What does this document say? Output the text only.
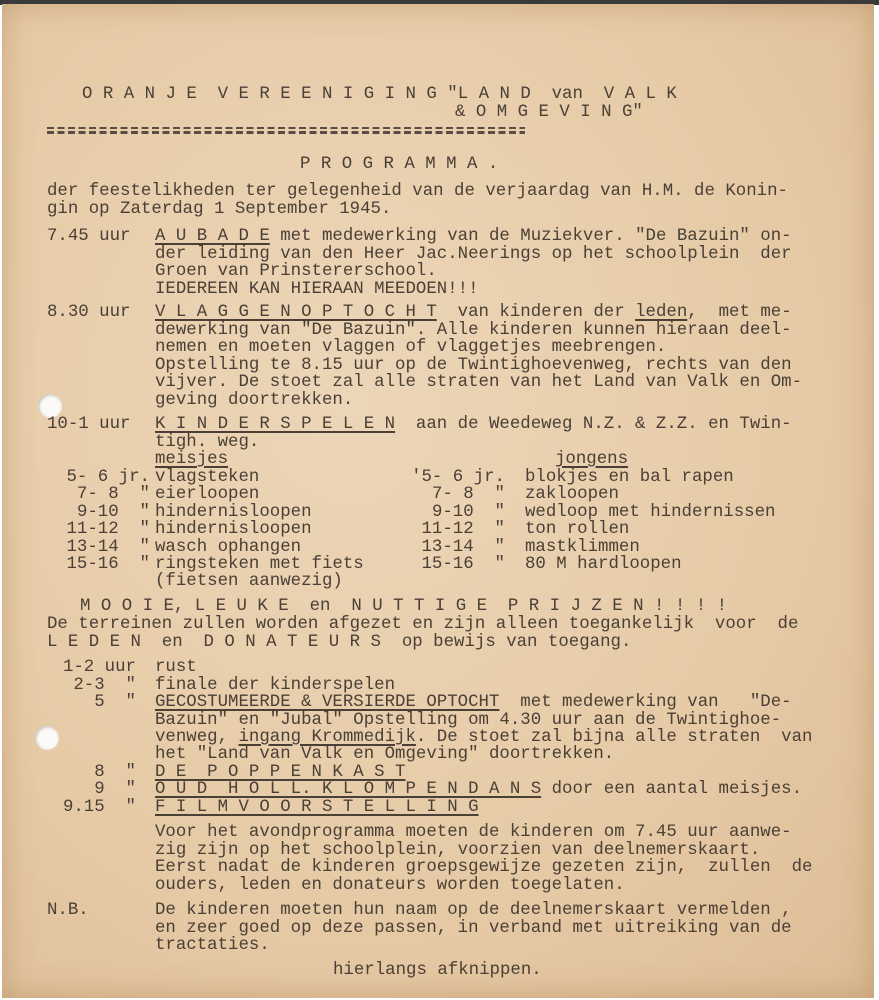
O R A N J E  V E R E E N I G I N G "L A N D  van  V A L K
& O M G E V I N G"
P R O G R A M M A .
der feestelikheden ter gelegenheid van de verjaardag van H.M. de Konin-
gin op Zaterdag 1 September 1945.
7.45 uur A U B A D E met medewerking van de Muziekver. "De Bazuin" on-
der leiding van den Heer Jac.Neerings op het schoolplein  der
Groen van Prinstererschool.
IEDEREEN KAN HIERAAN MEEDOEN!!!
8.30 uur V L A G G E N O P T O C H T  van kinderen der leden,  met me-
dewerking van "De Bazuin". Alle kinderen kunnen hieraan deel-
nemen en moeten vlaggen of vlaggetjes meebrengen.
Opstelling te 8.15 uur op de Twintighoevenweg, rechts van den
vijver. De stoet zal alle straten van het Land van Valk en Om-
geving doortrekken.
10-1 uur K I N D E R S P E L E N  aan de Weedeweg N.Z. & Z.Z. en Twin-
tigh. weg.
meisjes	jongens
5- 6 jr. vlagsteken	'5- 6 jr. blokjes en bal rapen
7- 8  " eierloopen	7- 8  " zakloopen
9-10  " hindernisloopen	9-10  " wedloop met hindernissen
11-12  " hindernisloopen	11-12  " ton rollen
13-14  " wasch ophangen	13-14  " mastklimmen
15-16  " ringsteken met fiets	15-16  " 80 M hardloopen
(fietsen aanwezig)
M O O I E, L E U K E  en  N U T T I G E  P R I J Z E N ! ! ! !
De terreinen zullen worden afgezet en zijn alleen toegankelijk  voor  de
L E D E N  en  D O N A T E U R S  op bewijs van toegang.
1-2 uur rust
2-3  " finale der kinderspelen
5  " GECOSTUMEERDE & VERSIERDE OPTOCHT  met medewerking van   "De-
Bazuin" en "Jubal" Opstelling om 4.30 uur aan de Twintighoe-
venweg, ingang Krommedijk. De stoet zal bijna alle straten  van
het "Land van Valk en Omgeving" doortrekken.
8  " D E  P O P P E N K A S T
9  " O U D  H O L L. K L O M P E N D A N S door een aantal meisjes.
9.15  " F I L M V O O R S T E L L I N G
Voor het avondprogramma moeten de kinderen om 7.45 uur aanwe-
zig zijn op het schoolplein, voorzien van deelnemerskaart.
Eerst nadat de kinderen groepsgewijze gezeten zijn,  zullen  de
ouders, leden en donateurs worden toegelaten.
N.B.	De kinderen moeten hun naam op de deelnemerskaart vermelden ,
en zeer goed op deze passen, in verband met uitreiking van de
tractaties.
hierlangs afknippen.
